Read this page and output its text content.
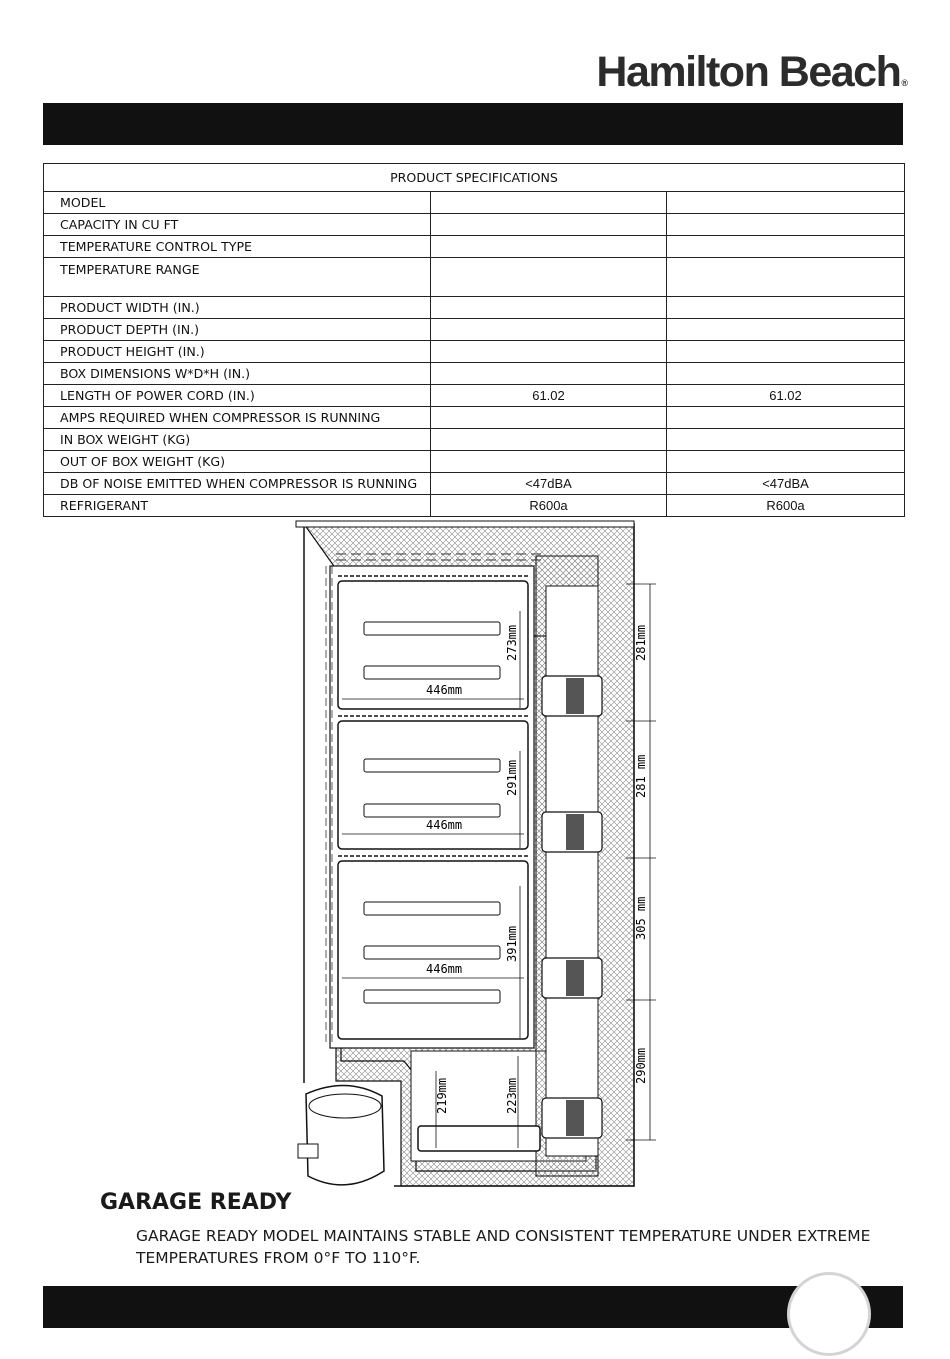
Hamilton Beach®
PRODUCT SPECIFICATIONS		
MODEL		
CAPACITY IN CU FT		
TEMPERATURE CONTROL TYPE		
TEMPERATURE RANGE		
PRODUCT WIDTH (IN.)		
PRODUCT DEPTH (IN.)		
PRODUCT HEIGHT (IN.)		
BOX DIMENSIONS W*D*H (IN.)		
LENGTH OF POWER CORD (IN.)	61.02	61.02
AMPS REQUIRED WHEN COMPRESSOR IS RUNNING		
IN BOX WEIGHT (KG)		
OUT OF BOX WEIGHT (KG)		
DB OF NOISE EMITTED WHEN COMPRESSOR IS RUNNING	<47dBA	<47dBA
REFRIGERANT	R600a	R600a
446mm
446mm
446mm
273mm
291mm
391mm
219mm	223mm
281mm
281 mm
305 mm
290mm
GARAGE READY
GARAGE READY MODEL MAINTAINS STABLE AND CONSISTENT TEMPERATURE UNDER EXTREME TEMPERATURES FROM 0°F TO 110°F.
